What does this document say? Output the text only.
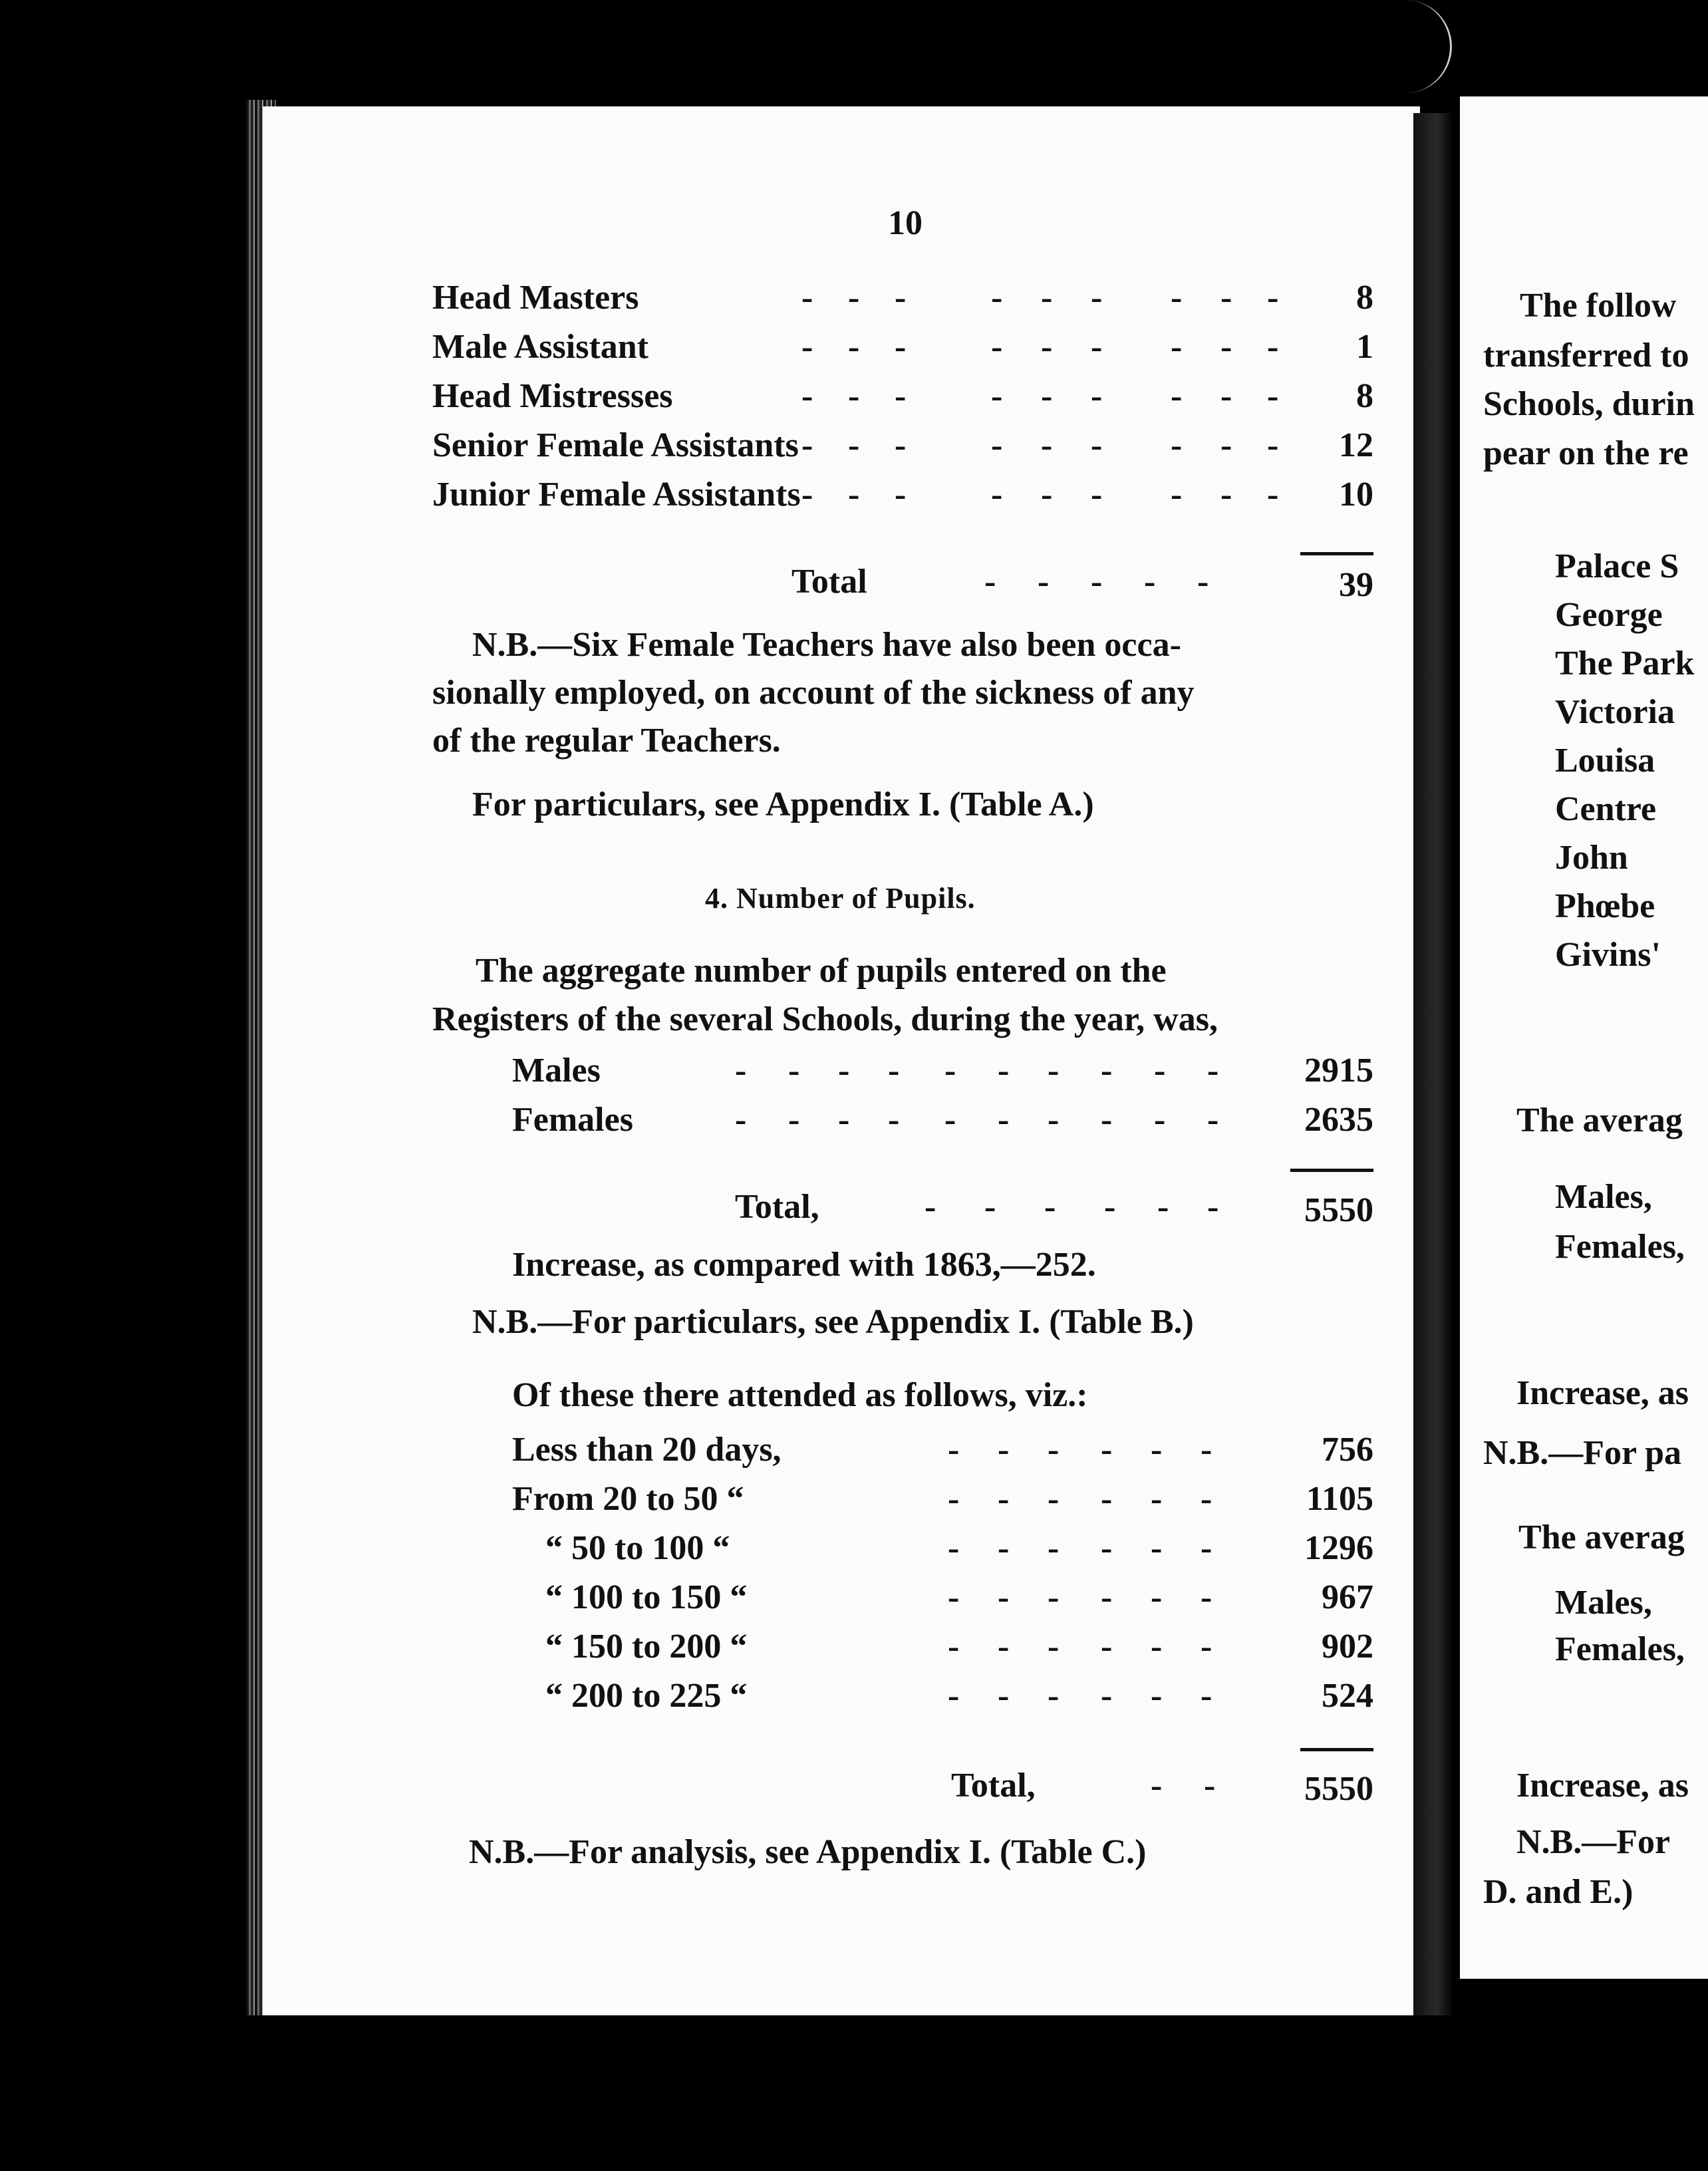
10
Head Masters	- - - - - - - - -	8
Male Assistant	- - - - - - - - -	1
Head Mistresses	- - - - - - - - -	8
Senior Female Assistants - - - - - - - - -	12
Junior Female Assistants - - - - - - - - -	10
Total	39
N.B.—Six Female Teachers have also been occa-
sionally employed, on account of the sickness of any
of the regular Teachers.
For particulars, see Appendix I. (Table A.)
4. Number of Pupils.
The aggregate number of pupils entered on the
Registers of the several Schools, during the year, was,
Males	- - - - - - - - - -	2915
Females	- - - - - - - - - -	2635
Total,	5550
Increase, as compared with 1863,—252.
N.B.—For particulars, see Appendix I. (Table B.)
Of these there attended as follows, viz.:
Less than 20 days,	- - - - - -	756
From 20 to 50 “	- - - - - -	1105
“ 50 to 100 “	- - - - - -	1296
“ 100 to 150 “	- - - - - -	967
“ 150 to 200 “	- - - - - -	902
“ 200 to 225 “	- - - - - -	524
Total,	5550
N.B.—For analysis, see Appendix I. (Table C.)
The follow
transferred to
Schools, durin
pear on the re
Palace S
George
The Park
Victoria
Louisa
Centre
John
Phœbe
Givins'
The averag
Males,
Females,
Increase, as
N.B.—For pa
The averag
Males,
Females,
Increase, as
N.B.—For
D. and E.)
- - - - -
- - - - - -
- -
